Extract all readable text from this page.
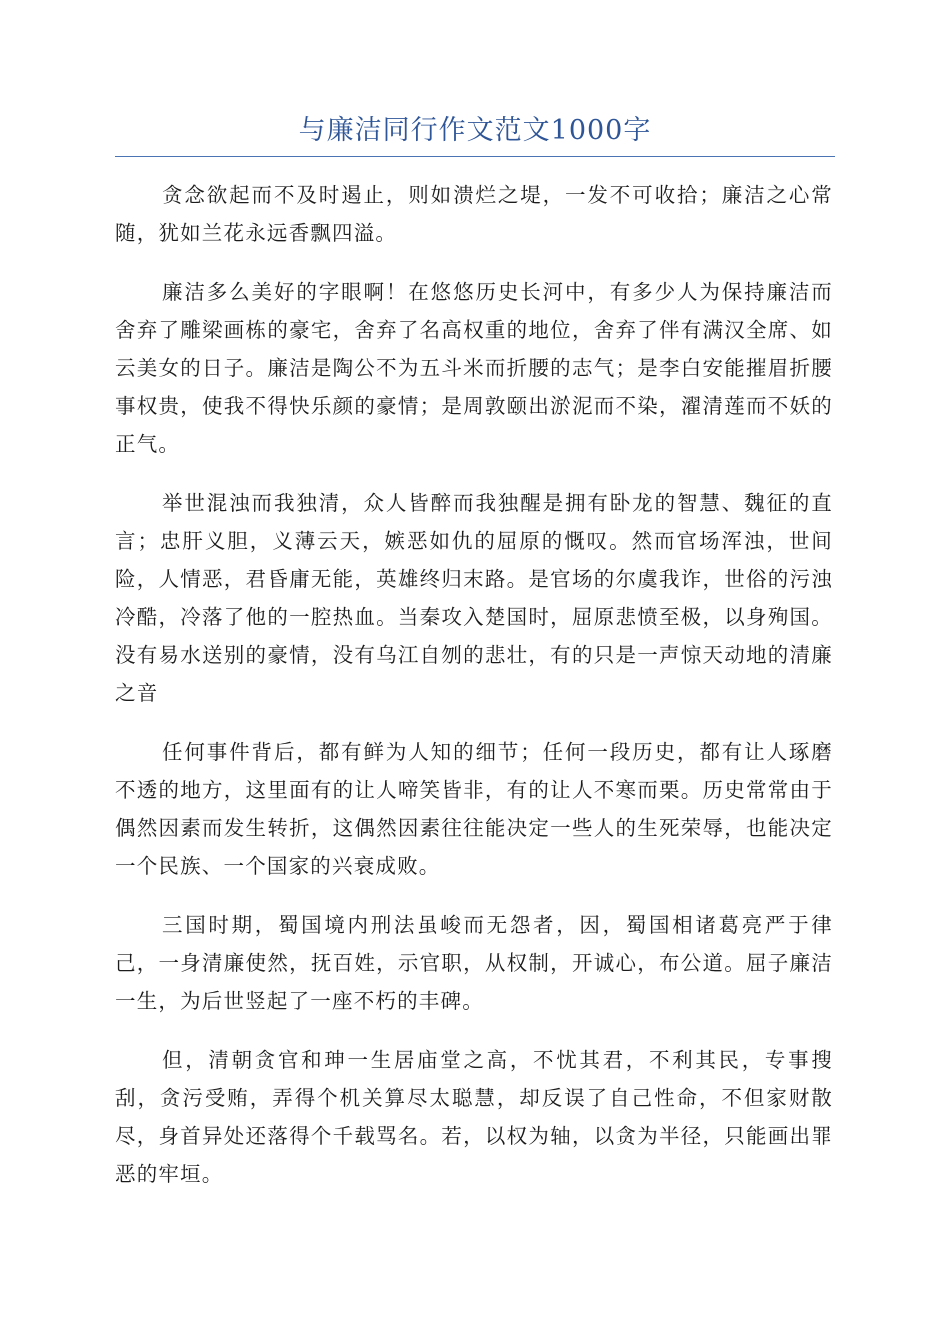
与廉洁同行作文范文1000字

贪念欲起而不及时遏止，则如溃烂之堤，一发不可收拾；廉洁之心常随，犹如兰花永远香飘四溢。

廉洁多么美好的字眼啊！在悠悠历史长河中，有多少人为保持廉洁而舍弃了雕梁画栋的豪宅，舍弃了名高权重的地位，舍弃了伴有满汉全席、如云美女的日子。廉洁是陶公不为五斗米而折腰的志气；是李白安能摧眉折腰事权贵，使我不得快乐颜的豪情；是周敦颐出淤泥而不染，濯清莲而不妖的正气。

举世混浊而我独清，众人皆醉而我独醒是拥有卧龙的智慧、魏征的直言；忠肝义胆，义薄云天，嫉恶如仇的屈原的慨叹。然而官场浑浊，世间险，人情恶，君昏庸无能，英雄终归末路。是官场的尔虞我诈，世俗的污浊冷酷，冷落了他的一腔热血。当秦攻入楚国时，屈原悲愤至极，以身殉国。没有易水送别的豪情，没有乌江自刎的悲壮，有的只是一声惊天动地的清廉之音

任何事件背后，都有鲜为人知的细节；任何一段历史，都有让人琢磨不透的地方，这里面有的让人啼笑皆非，有的让人不寒而栗。历史常常由于偶然因素而发生转折，这偶然因素往往能决定一些人的生死荣辱，也能决定一个民族、一个国家的兴衰成败。

三国时期，蜀国境内刑法虽峻而无怨者，因，蜀国相诸葛亮严于律己，一身清廉使然，抚百姓，示官职，从权制，开诚心，布公道。屈子廉洁一生，为后世竖起了一座不朽的丰碑。

但，清朝贪官和珅一生居庙堂之高，不忧其君，不利其民，专事搜刮，贪污受贿，弄得个机关算尽太聪慧，却反误了自己性命，不但家财散尽，身首异处还落得个千载骂名。若，以权为轴，以贪为半径，只能画出罪恶的牢垣。
